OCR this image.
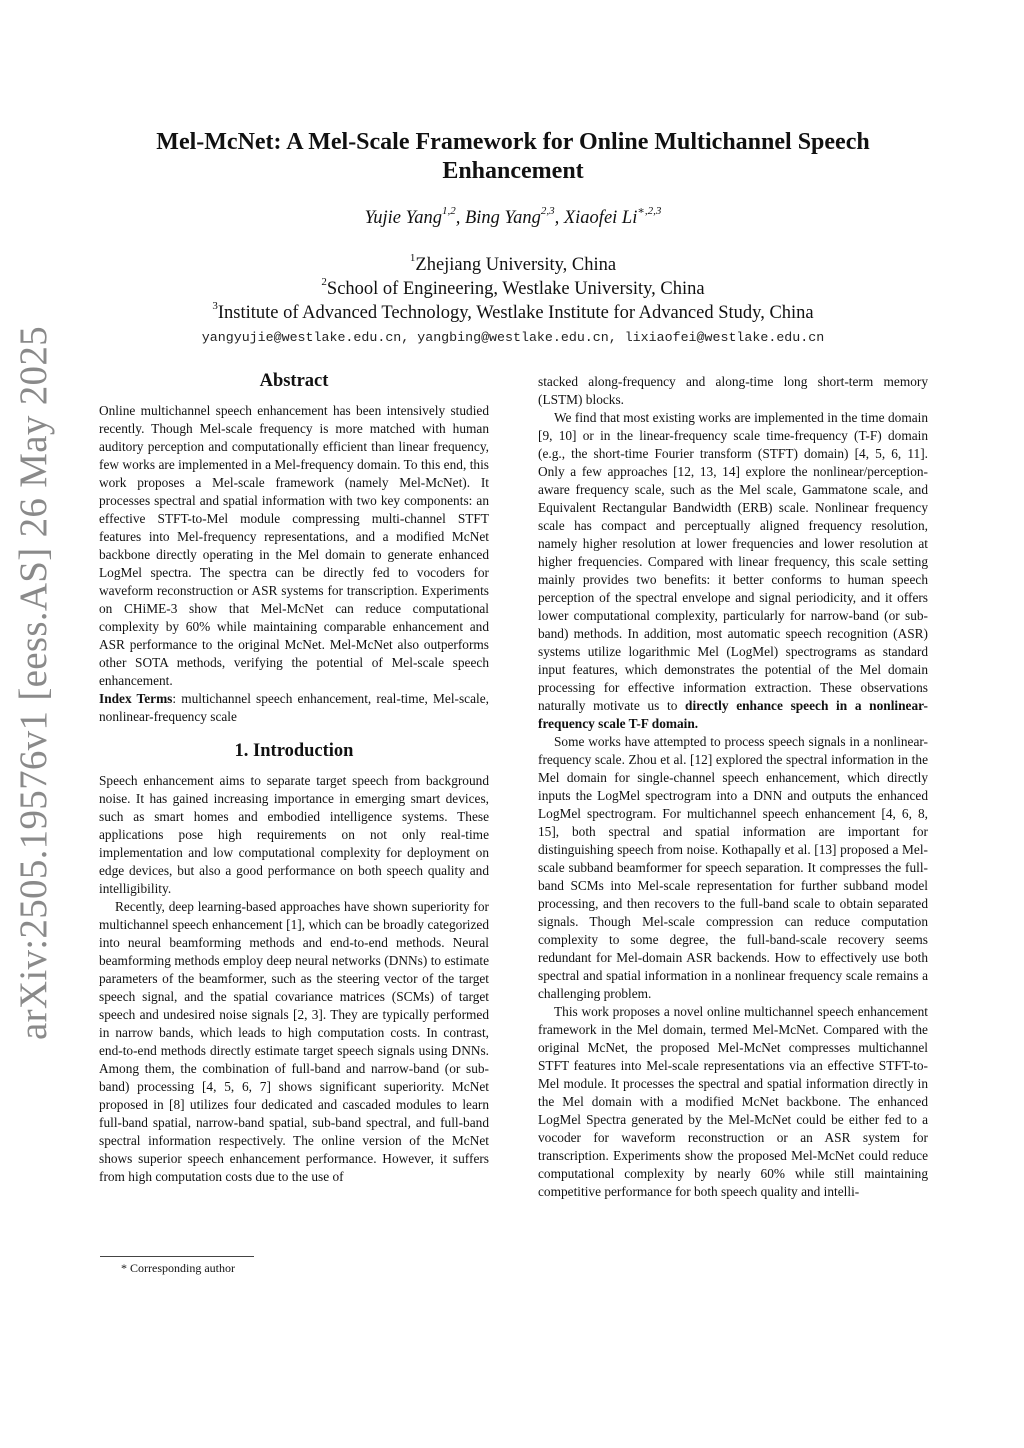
arXiv:2505.19576v1 [eess.AS] 26 May 2025
Mel-McNet: A Mel-Scale Framework for Online Multichannel Speech Enhancement
Yujie Yang$^{1,2}$, Bing Yang$^{2,3}$, Xiaofei $Li^{∗,2,3}$
$^1$Zhejiang University, China
$^2$School of Engineering, Westlake University, China
$^3$Institute of Advanced Technology, Westlake Institute for Advanced Study, China
yangyujie@westlake.edu.cn, yangbing@westlake.edu.cn, lixiaofei@westlake.edu.cn
Abstract

Online multichannel speech enhancement has been intensively studied recently. Though Mel-scale frequency is more matched with human auditory perception and computationally efficient than linear frequency, few works are implemented in a Mel-frequency domain. To this end, this work proposes a Mel-scale framework (namely Mel-McNet). It processes spectral and spatial information with two key components: an effective STFT-to-Mel module compressing multi-channel STFT features into Mel-frequency representations, and a modified McNet backbone directly operating in the Mel domain to generate enhanced LogMel spectra. The spectra can be directly fed to vocoders for waveform reconstruction or ASR systems for transcription. Experiments on CHiME-3 show that Mel-McNet can reduce computational complexity by 60% while maintaining comparable enhancement and ASR performance to the original McNet. Mel-McNet also outperforms other SOTA methods, verifying the potential of Mel-scale speech enhancement.

Index Terms: multichannel speech enhancement, real-time, Mel-scale, nonlinear-frequency scale

1. Introduction

Speech enhancement aims to separate target speech from background noise. It has gained increasing importance in emerging smart devices, such as smart homes and embodied intelligence systems. These applications pose high requirements on not only real-time implementation and low computational complexity for deployment on edge devices, but also a good performance on both speech quality and intelligibility.

Recently, deep learning-based approaches have shown superiority for multichannel speech enhancement [1], which can be broadly categorized into neural beamforming methods and end-to-end methods. Neural beamforming methods employ deep neural networks (DNNs) to estimate parameters of the beamformer, such as the steering vector of the target speech signal, and the spatial covariance matrices (SCMs) of target speech and undesired noise signals [2, 3]. They are typically performed in narrow bands, which leads to high computation costs. In contrast, end-to-end methods directly estimate target speech signals using DNNs. Among them, the combination of full-band and narrow-band (or sub-band) processing [4, 5, 6, 7] shows significant superiority. McNet proposed in [8] utilizes four dedicated and cascaded modules to learn full-band spatial, narrow-band spatial, sub-band spectral, and full-band spectral information respectively. The online version of the McNet shows superior speech enhancement performance. However, it suffers from high computation costs due to the use of

stacked along-frequency and along-time long short-term memory (LSTM) blocks.

We find that most existing works are implemented in the time domain [9, 10] or in the linear-frequency scale time-frequency (T-F) domain (e.g., the short-time Fourier transform (STFT) domain) [4, 5, 6, 11]. Only a few approaches [12, 13, 14] explore the nonlinear/perception-aware frequency scale, such as the Mel scale, Gammatone scale, and Equivalent Rectangular Bandwidth (ERB) scale. Nonlinear frequency scale has compact and perceptually aligned frequency resolution, namely higher resolution at lower frequencies and lower resolution at higher frequencies. Compared with linear frequency, this scale setting mainly provides two benefits: it better conforms to human speech perception of the spectral envelope and signal periodicity, and it offers lower computational complexity, particularly for narrow-band (or sub-band) methods. In addition, most automatic speech recognition (ASR) systems utilize logarithmic Mel (LogMel) spectrograms as standard input features, which demonstrates the potential of the Mel domain processing for effective information extraction. These observations naturally motivate us to directly enhance speech in a nonlinear-frequency scale T-F domain.

Some works have attempted to process speech signals in a nonlinear-frequency scale. Zhou et al. [12] explored the spectral information in the Mel domain for single-channel speech enhancement, which directly inputs the LogMel spectrogram into a DNN and outputs the enhanced LogMel spectrogram. For multichannel speech enhancement [4, 6, 8, 15], both spectral and spatial information are important for distinguishing speech from noise. Kothapally et al. [13] proposed a Mel-scale subband beamformer for speech separation. It compresses the full-band SCMs into Mel-scale representation for further subband model processing, and then recovers to the full-band scale to obtain separated signals. Though Mel-scale compression can reduce computation complexity to some degree, the full-band-scale recovery seems redundant for Mel-domain ASR backends. How to effectively use both spectral and spatial information in a nonlinear frequency scale remains a challenging problem.

This work proposes a novel online multichannel speech enhancement framework in the Mel domain, termed Mel-McNet. Compared with the original McNet, the proposed Mel-McNet compresses multichannel STFT features into Mel-scale representations via an effective STFT-to-Mel module. It processes the spectral and spatial information directly in the Mel domain with a modified McNet backbone. The enhanced LogMel Spectra generated by the Mel-McNet could be either fed to a vocoder for waveform reconstruction or an ASR system for transcription. Experiments show the proposed Mel-McNet could reduce computational complexity by nearly 60% while still maintaining competitive performance for both speech quality and intelli-

* Corresponding author
